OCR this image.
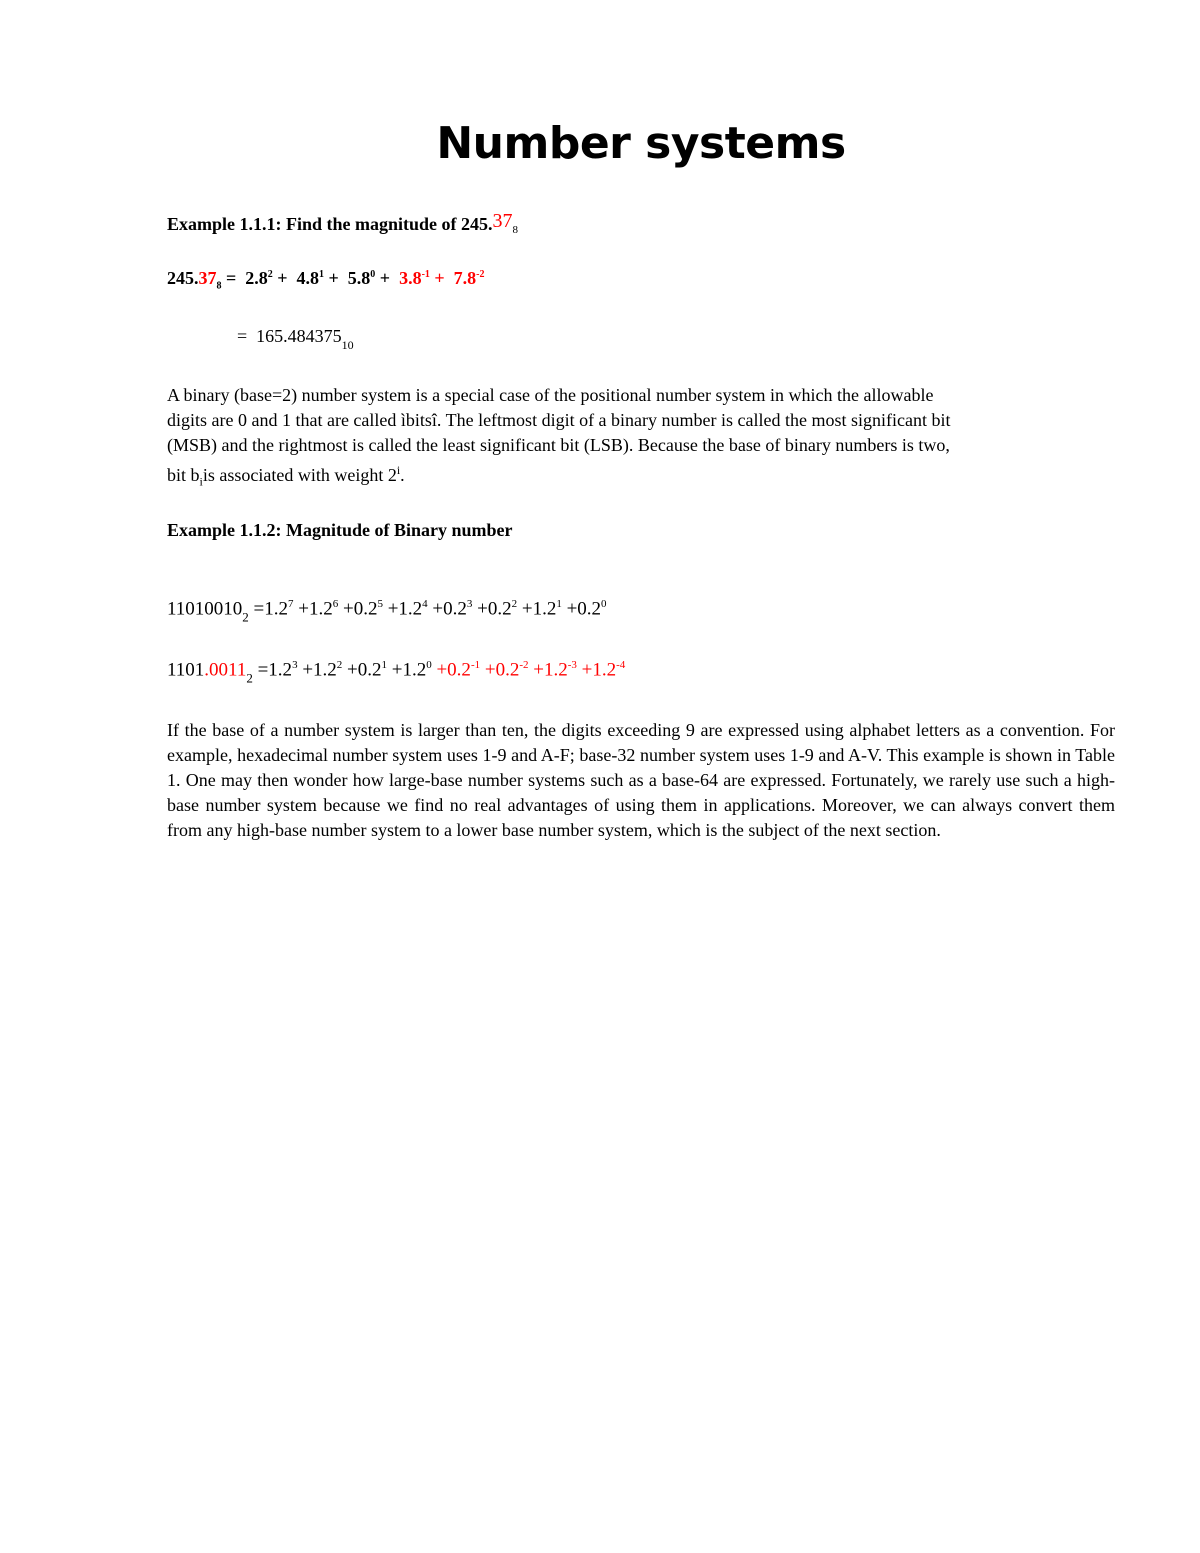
Number systems
Example 1.1.1: Find the magnitude of 245.378
$245.37_8 = 2.8^2 + 4.8^1 + 5.8^0 + 3.8^{-1} + 7.8^{-2}$
=  $165.484375_{10}$
A binary (base=2) number system is a special case of the positional number system in which the allowable
digits are 0 and 1 that are called ìbitsî. The leftmost digit of a binary number is called the most significant bit
(MSB) and the rightmost is called the least significant bit (LSB). Because the base of binary numbers is two,
bit $b_iis$ associated with weight 2$^i$.
Example 1.1.2: Magnitude of Binary number
$11010010_2 =1.2^7 +1.2^6 +0.2^5 +1.2^4 +0.2^3 +0.2^2 +1.2^1 +0.2^0$
$1101.0011_2 =1.2^3 +1.2^2 +0.2^1 +1.2^0 +0.2^{-1} +0.2^{-2} +1.2^{-3} +1.2^{-4}$
If the base of a number system is larger than ten, the digits exceeding 9 are expressed using alphabet letters as a convention. For example, hexadecimal number system uses 1-9 and A-F; base-32 number system uses 1-9 and A-V. This example is shown in Table 1. One may then wonder how large-base number systems such as a base-64 are expressed. Fortunately, we rarely use such a high-base number system because we find no real advantages of using them in applications. Moreover, we can always convert them from any high-base number system to a lower base number system, which is the subject of the next section.
